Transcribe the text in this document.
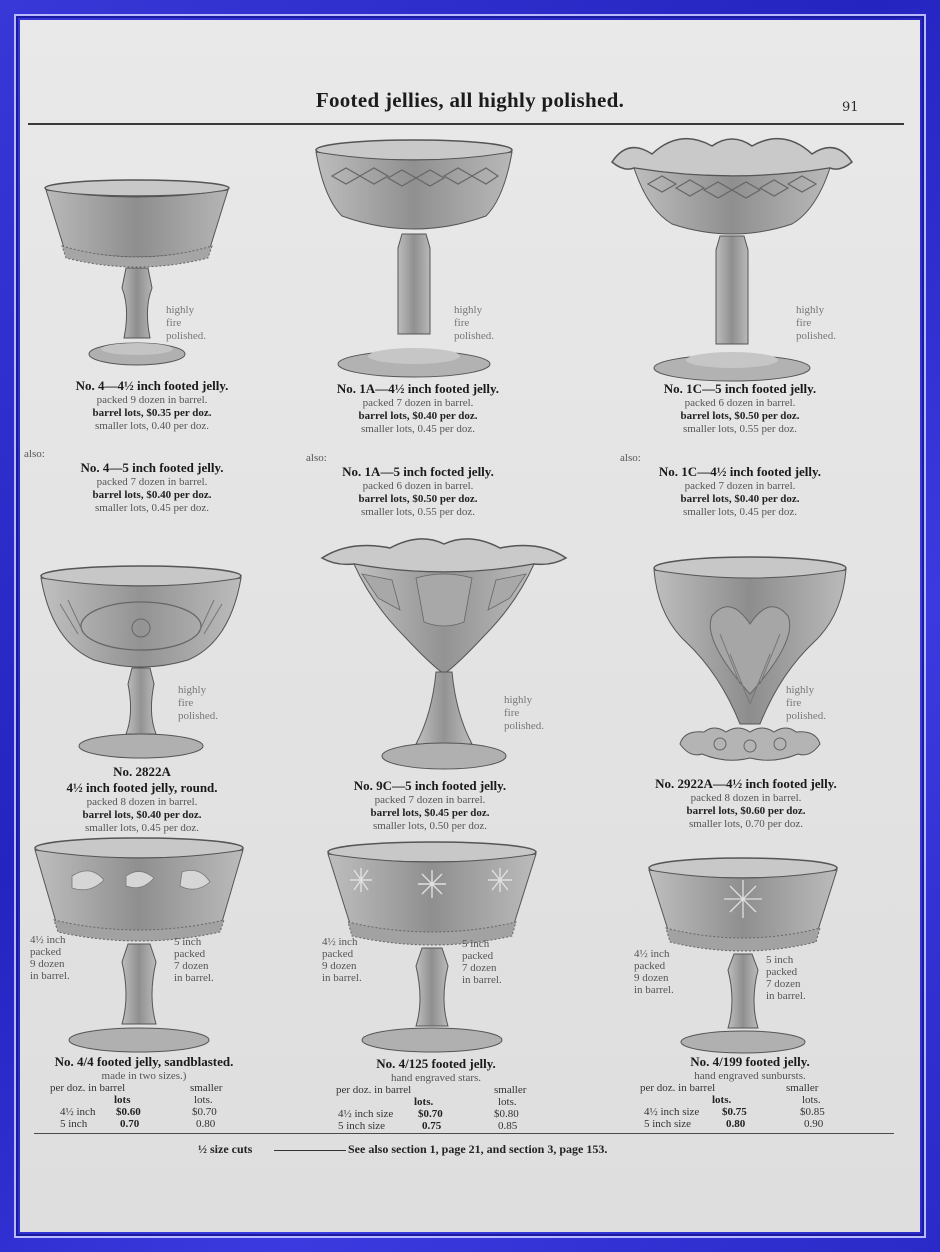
Footed jellies, all highly polished.	91
highly
fire
polished.
No. 4—4½ inch footed jelly.
packed 9 dozen in barrel.
barrel lots, $0.35 per doz.
smaller lots, 0.40 per doz.
also:
No. 4—5 inch footed jelly.
packed 7 dozen in barrel.
barrel lots, $0.40 per doz.
smaller lots, 0.45 per doz.
highly
fire
polished.
No. 1A—4½ inch footed jelly.
packed 7 dozen in barrel.
barrel lots, $0.40 per doz.
smaller lots, 0.45 per doz.
also:
No. 1A—5 inch focted jelly.
packed 6 dozen in barrel.
barrel lots, $0.50 per doz.
smaller lots, 0.55 per doz.
highly
fire
polished.
No. 1C—5 inch footed jelly.
packed 6 dozen in barrel.
barrel lots, $0.50 per doz.
smaller lots, 0.55 per doz.
also:
No. 1C—4½ inch footed jelly.
packed 7 dozen in barrel.
barrel lots, $0.40 per doz.
smaller lots, 0.45 per doz.
highly
fire
polished.
No. 2822A
4½ inch footed jelly, round.
packed 8 dozen in barrel.
barrel lots, $0.40 per doz.
smaller lots, 0.45 per doz.
highly
fire
polished.
No. 9C—5 inch footed jelly.
packed 7 dozen in barrel.
barrel lots, $0.45 per doz.
smaller lots, 0.50 per doz.
highly
fire
polished.
No. 2922A—4½ inch footed jelly.
packed 8 dozen in barrel.
barrel lots, $0.60 per doz.
smaller lots, 0.70 per doz.
4½ inch
packed
9 dozen
in barrel.
5 inch
packed
7 dozen
in barrel.
No. 4/4 footed jelly, sandblasted.
made in two sizes.)
per doz. in barrel	smaller
lots	lots.
4½ inch $0.60	$0.70
5 inch	0.70	0.80
4½ inch
packed
9 dozen
in barrel.
5 inch
packed
7 dozen
in barrel.
No. 4/125 footed jelly.
hand engraved stars.
per doz. in barrel	smaller
lots.	lots.
4½ inch size $0.70	$0.80
5 inch size	0.75	0.85
4½ inch
packed
9 dozen
in barrel.
5 inch
packed
7 dozen
in barrel.
No. 4/199 footed jelly.
hand engraved sunbursts.
per doz. in barrel	smaller
lots.	lots.
4½ inch size $0.75	$0.85
5 inch size	0.80	0.90
½ size cuts	See also section 1, page 21, and section 3, page 153.
